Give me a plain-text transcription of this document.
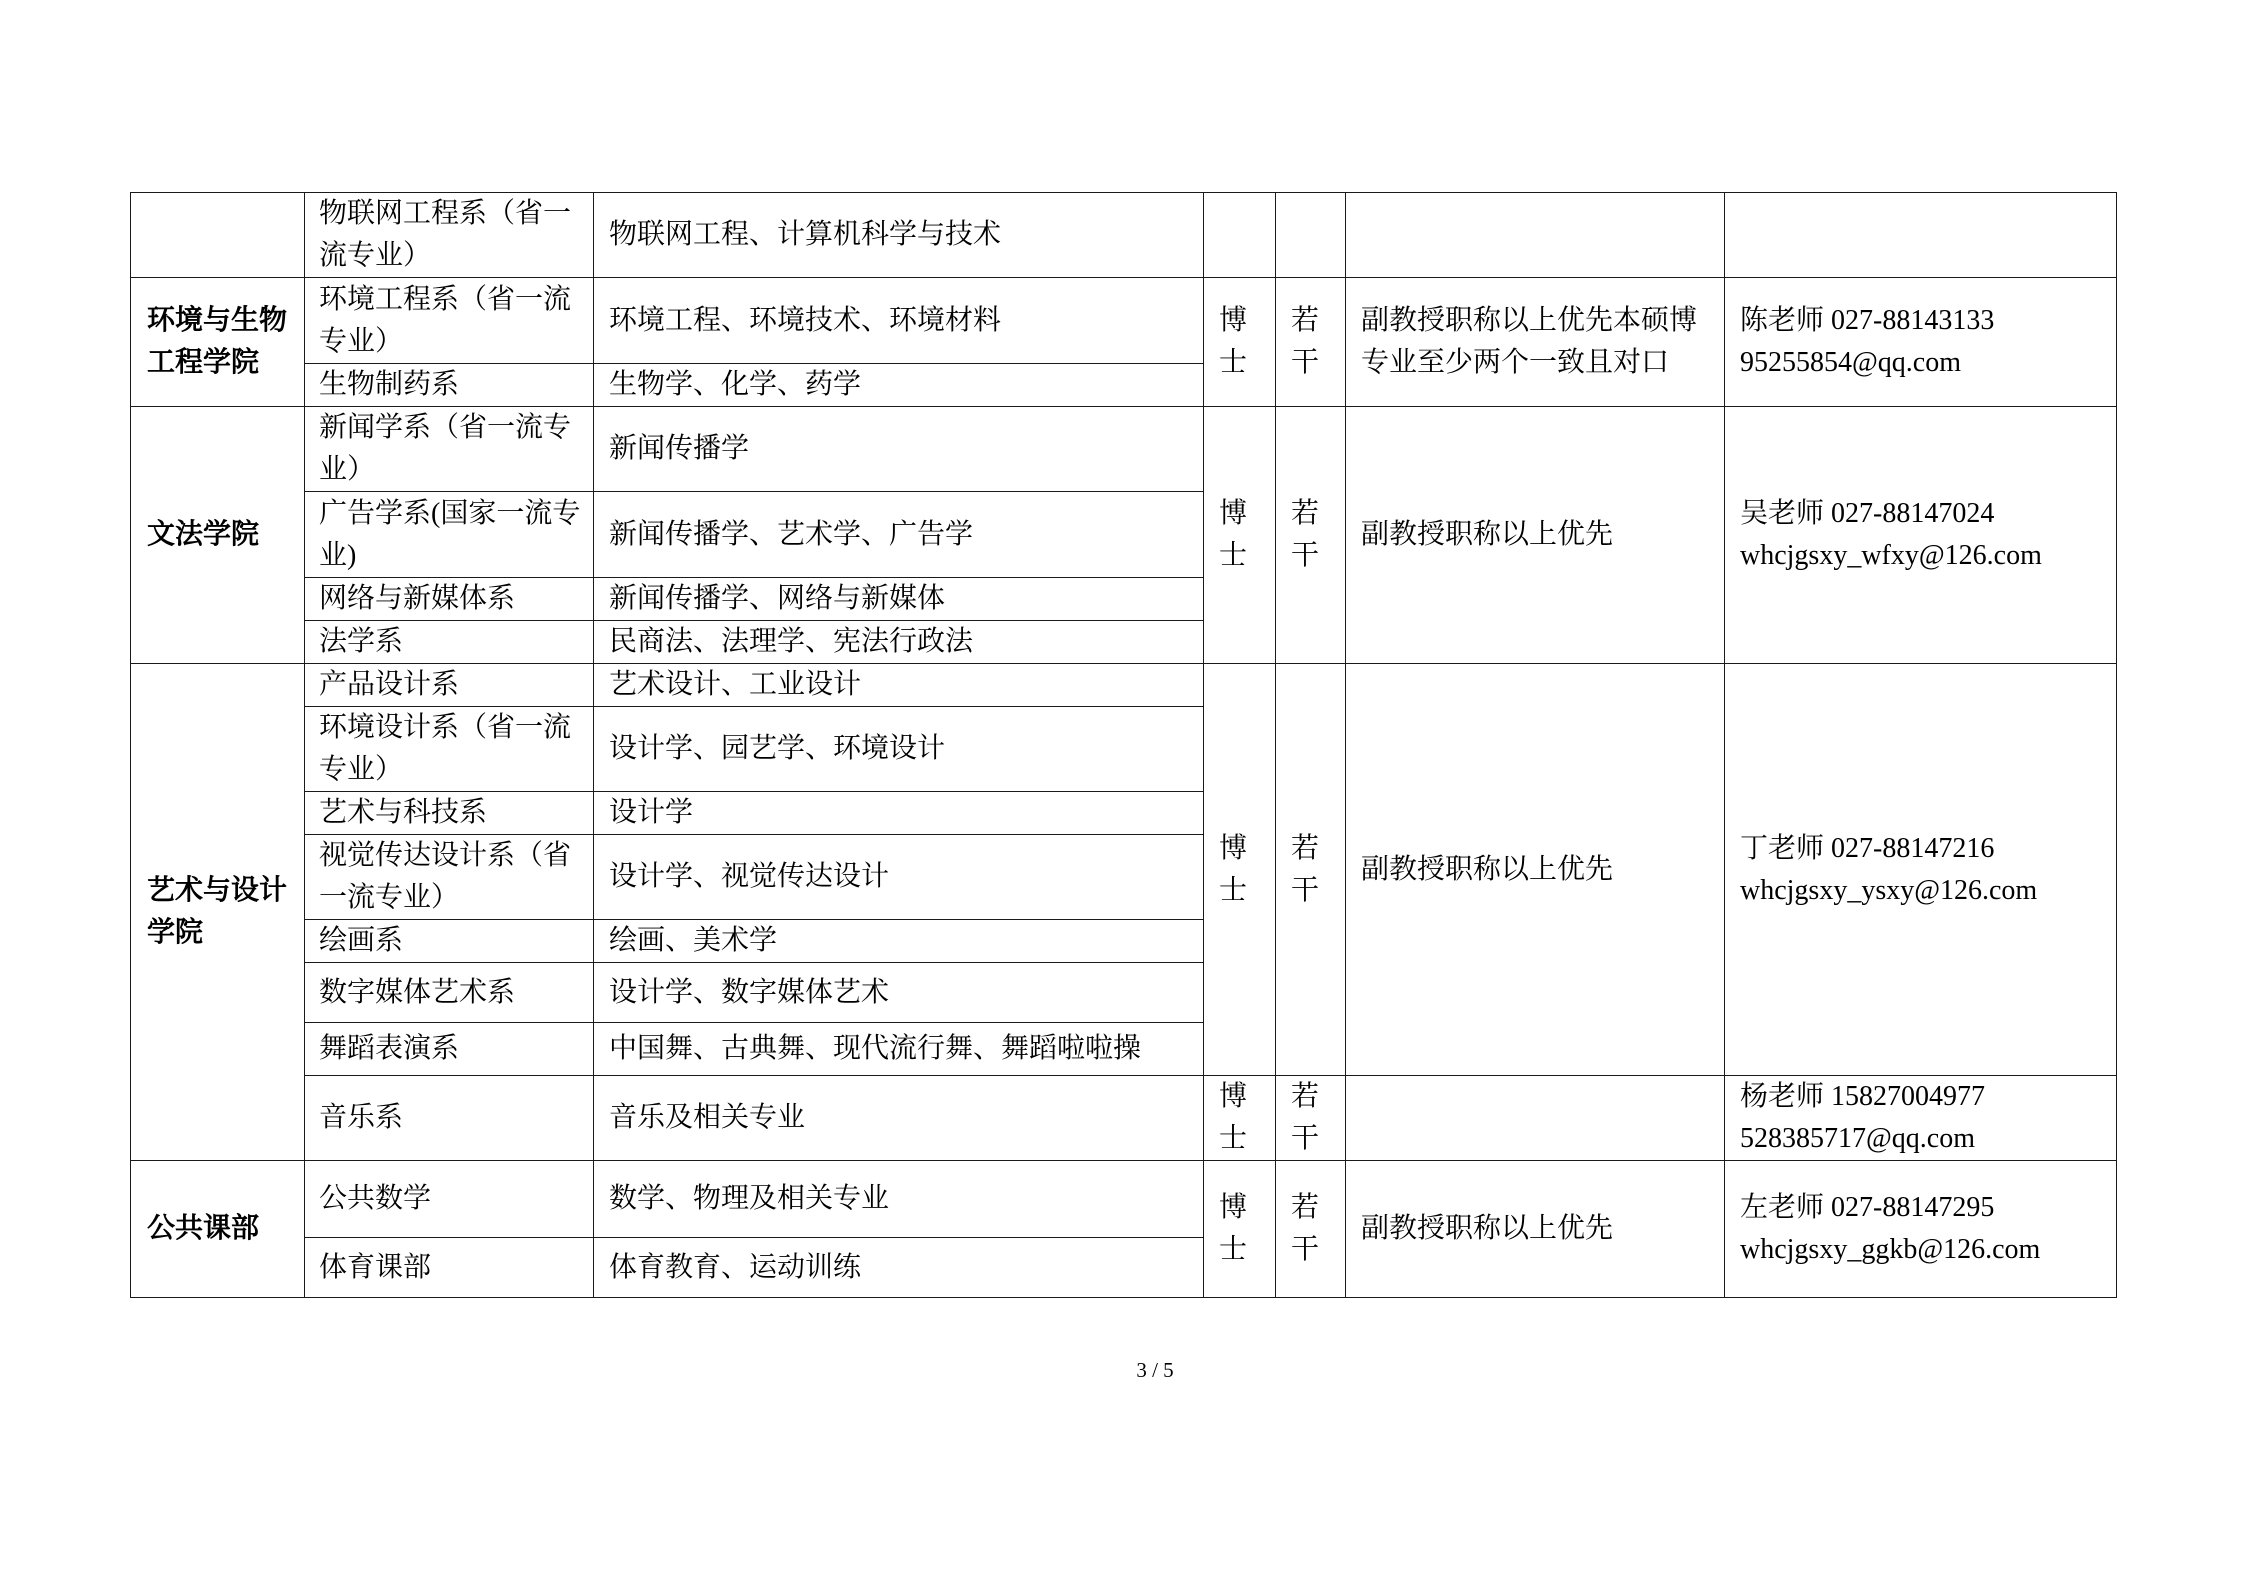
	物联网工程系（省一流专业）	物联网工程、计算机科学与技术				
环境与生物工程学院	环境工程系（省一流专业）	环境工程、环境技术、环境材料	博士	若干	副教授职称以上优先本硕博专业至少两个一致且对口	陈老师 027-88143133
95255854@qq.com

	生物制药系	生物学、化学、药学				
文法学院	新闻学系（省一流专业）	新闻传播学	博士	若干	副教授职称以上优先	吴老师 027-88147024
whcjgsxy_wfxy@126.com

	广告学系(国家一流专业)	新闻传播学、艺术学、广告学				
	网络与新媒体系	新闻传播学、网络与新媒体				
	法学系	民商法、法理学、宪法行政法				
艺术与设计学院	产品设计系	艺术设计、工业设计	博士	若干	副教授职称以上优先	丁老师 027-88147216
whcjgsxy_ysxy@126.com

	环境设计系（省一流专业）	设计学、园艺学、环境设计				
	艺术与科技系	设计学				
	视觉传达设计系（省一流专业）	设计学、视觉传达设计				
	绘画系	绘画、美术学				
	数字媒体艺术系	设计学、数字媒体艺术				
	舞蹈表演系	中国舞、古典舞、现代流行舞、舞蹈啦啦操				
	音乐系	音乐及相关专业	博士	若干		杨老师 15827004977
528385717@qq.com

公共课部	公共数学	数学、物理及相关专业	博士	若干	副教授职称以上优先	左老师 027-88147295
whcjgsxy_ggkb@126.com

	体育课部	体育教育、运动训练				
3 / 5
